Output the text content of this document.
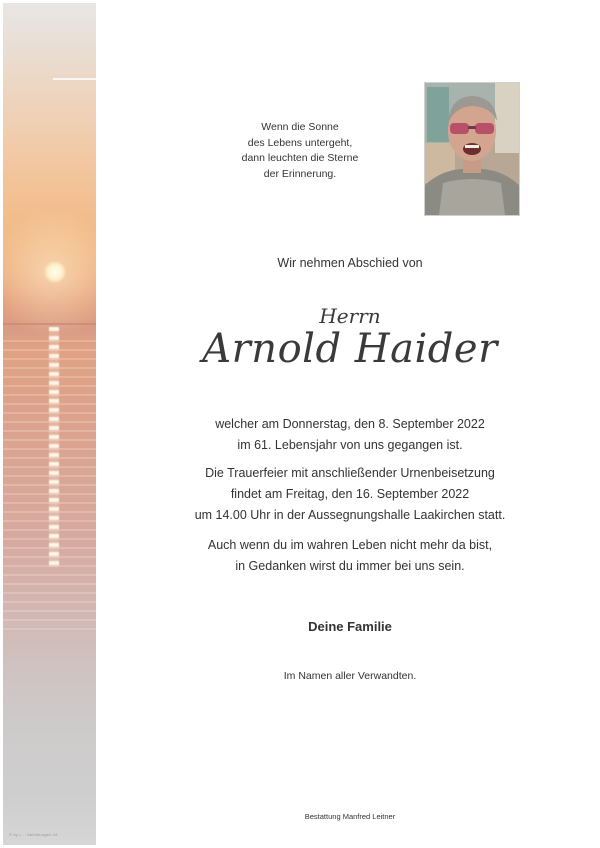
© by L. · Abbildungen 18
Wenn die Sonne
des Lebens untergeht,
dann leuchten die Sterne
der Erinnerung.
Wir nehmen Abschied von
Herrn
Arnold Haider
welcher am Donnerstag, den 8. September 2022
im 61. Lebensjahr von uns gegangen ist.
Die Trauerfeier mit anschließender Urnenbeisetzung
findet am Freitag, den 16. September 2022
um 14.00 Uhr in der Aussegnungshalle Laakirchen statt.
Auch wenn du im wahren Leben nicht mehr da bist,
in Gedanken wirst du immer bei uns sein.
Deine Familie
Im Namen aller Verwandten.
Bestattung Manfred Leitner
